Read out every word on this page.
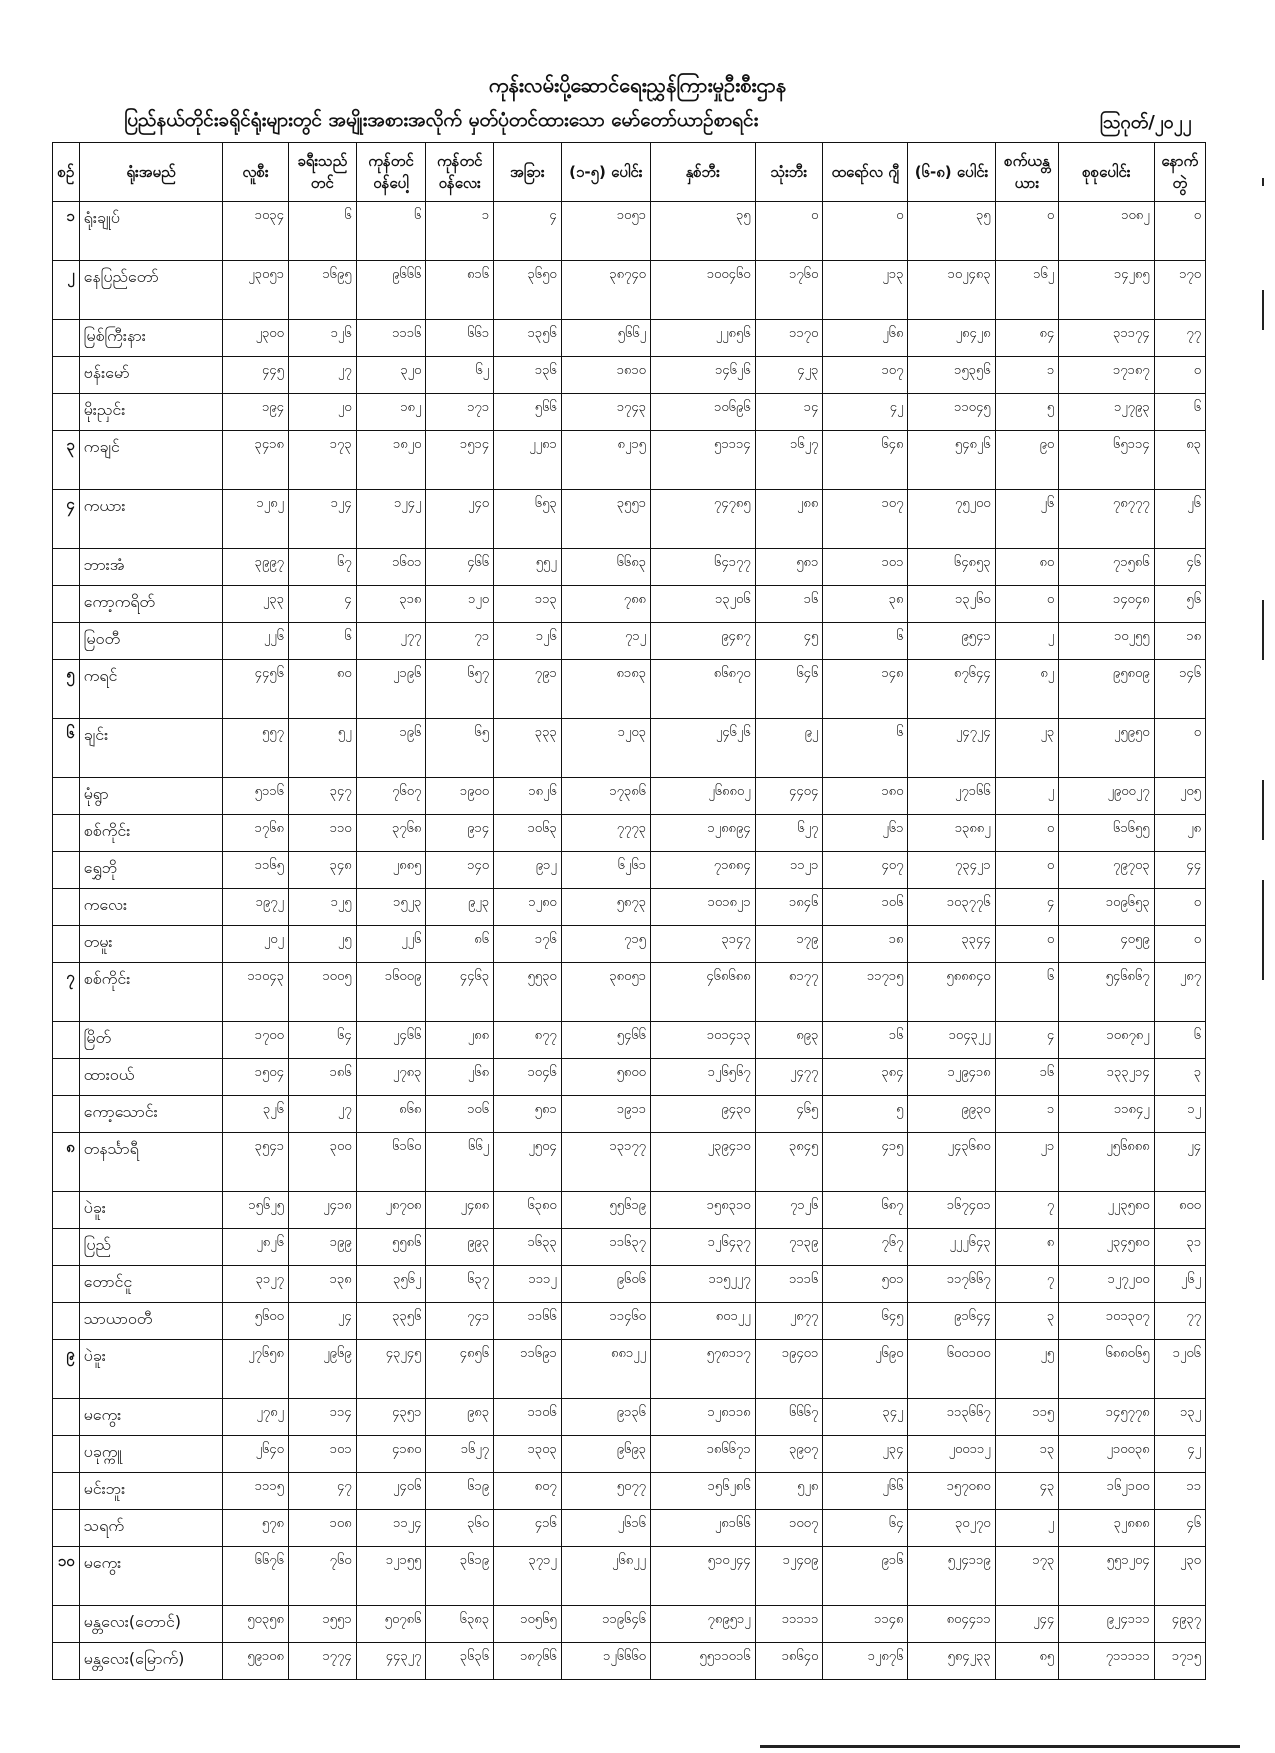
ကုန်းလမ်းပို့ဆောင်ရေးညွှန်ကြားမှုဦးစီးဌာန
ပြည်နယ်တိုင်းခရိုင်ရုံးများတွင် အမျိုးအစားအလိုက် မှတ်ပုံတင်ထားသော မော်တော်ယာဉ်စာရင်း	ဩဂုတ်/၂၀၂၂
စဉ်	ရုံးအမည်	လူစီး	ခရီးသည်တင်	ကုန်တင် ဝန်ပေါ့	ကုန်တင် ဝန်လေး	အခြား	(၁-၅) ပေါင်း	နှစ်ဘီး	သုံးဘီး	ထရော်လ ဂျီ	(၆-၈) ပေါင်း	စက်ယန္တယား	စုစုပေါင်း	နောက်တွဲ
၁	ရုံးချုပ်	၁၀၃၄	၆	၆	၁	၄	၁၀၅၁	၃၅	၀	၀	၃၅	၀	၁၀၈၂	၀
၂	နေပြည်တော်	၂၃၀၅၁	၁၆၉၅	၉၆၆၆	၈၁၆	၃၆၅၀	၃၈၇၄၀	၁၀၀၄၆၀	၁၇၆၀	၂၁၃	၁၀၂၄၈၃	၁၆၂	၁၄၂၈၅	၁၇၀
	မြစ်ကြီးနား	၂၃၀၀	၁၂၆	၁၁၁၆	၆၆၁	၁၃၅၆	၅၆၆၂	၂၂၈၅၆	၁၁၇၀	၂၆၈	၂၈၄၂၈	၈၄	၃၁၁၇၄	၇၇
	ဗန်းမော်	၄၄၅	၂၇	၃၂၀	၆၂	၁၃၆	၁၈၁၀	၁၄၆၂၆	၄၂၃	၁၀၇	၁၅၃၅၆	၁	၁၇၁၈၇	၀
	မိုးညှင်း	၁၉၄	၂၀	၁၈၂	၁၇၁	၅၆၆	၁၇၄၃	၁၀၆၉၆	၁၄	၄၂	၁၁၀၄၅	၅	၁၂၇၉၃	၆
၃	ကချင်	၃၄၁၈	၁၇၃	၁၈၂၀	၁၅၁၄	၂၂၈၁	၈၂၁၅	၅၁၁၁၄	၁၆၂၇	၆၄၈	၅၄၈၂၆	၉၀	၆၅၁၁၄	၈၃
၄	ကယား	၁၂၈၂	၁၂၄	၁၂၄၂	၂၄၀	၆၅၃	၃၅၅၁	၇၄၇၈၅	၂၈၈	၁၀၇	၇၅၂၀၀	၂၆	၇၈၇၇၇	၂၆
	ဘားအံ	၃၉၉၇	၆၇	၁၆၀၁	၄၆၆	၅၅၂	၆၆၈၃	၆၄၁၇၇	၅၈၁	၁၀၁	၆၄၈၅၃	၈၀	၇၁၅၈၆	၄၆
	ကော့ကရိတ်	၂၃၃	၄	၃၁၈	၁၂၀	၁၁၃	၇၈၈	၁၃၂၀၆	၁၆	၃၈	၁၃၂၆၀	၀	၁၄၀၄၈	၅၆
	မြဝတီ	၂၂၆	၆	၂၇၇	၇၁	၁၂၆	၇၁၂	၉၄၈၇	၄၅	၆	၉၅၄၁	၂	၁၀၂၅၅	၁၈
၅	ကရင်	၄၄၅၆	၈၀	၂၁၉၆	၆၅၇	၇၉၁	၈၁၈၃	၈၆၈၇၀	၆၄၆	၁၄၈	၈၇၆၄၄	၈၂	၉၅၈၀၉	၁၄၆
၆	ချင်း	၅၅၇	၅၂	၁၉၆	၆၅	၃၃၃	၁၂၀၃	၂၄၆၂၆	၉၂	၆	၂၄၇၂၄	၂၃	၂၅၉၅၀	၀
	မုံရွာ	၅၁၁၆	၃၄၇	၇၆၀၇	၁၉၀၀	၁၈၂၆	၁၇၃၈၆	၂၆၈၈၀၂	၄၄၀၄	၁၈၀	၂၇၁၆၆	၂	၂၉၀၀၂၇	၂၀၅
	စစ်ကိုင်း	၁၇၆၈	၁၁၀	၃၇၆၈	၉၁၄	၁၀၆၃	၇၇၇၃	၁၂၈၈၉၄	၆၂၇	၂၆၁	၁၃၈၈၂	၀	၆၁၆၅၅	၂၈
	ရွှေဘို	၁၁၆၅	၃၄၈	၂၈၈၅	၁၄၀	၉၁၂	၆၂၆၁	၇၁၈၈၄	၁၁၂၁	၄၀၇	၇၃၄၂၁	၀	၇၉၇၀၃	၄၄
	ကလေး	၁၉၇၂	၁၂၅	၁၅၂၃	၉၂၃	၁၂၈၀	၅၈၇၃	၁၀၁၈၂၁	၁၈၄၆	၁၀၆	၁၀၃၇၇၆	၄	၁၀၉၆၅၃	၀
	တမူး	၂၀၂	၂၅	၂၂၆	၈၆	၁၇၆	၇၁၅	၃၁၄၇	၁၇၉	၁၈	၃၃၄၄	၀	၄၀၅၉	၀
၇	စစ်ကိုင်း	၁၁၀၄၃	၁၀၀၅	၁၆၀၀၉	၄၄၆၃	၅၅၃၀	၃၈၀၅၁	၄၆၈၆၈၈	၈၁၇၇	၁၁၇၁၅	၅၈၈၈၄၀	၆	၅၄၆၈၆၇	၂၈၇
	မြိတ်	၁၇၀၀	၆၄	၂၄၆၆	၂၈၈	၈၇၇	၅၄၆၆	၁၀၁၄၁၃	၈၉၃	၁၆	၁၀၄၃၂၂	၄	၁၀၈၇၈၂	၆
	ထားဝယ်	၁၅၀၄	၁၈၆	၂၇၈၃	၂၆၈	၁၀၄၆	၅၈၀၀	၁၂၆၅၆၇	၂၄၇၇	၃၈၄	၁၂၉၄၁၈	၁၆	၁၃၃၂၁၄	၃
	ကော့သောင်း	၃၂၆	၂၇	၈၆၈	၁၀၆	၅၈၁	၁၉၁၁	၉၄၃၀	၄၆၅	၅	၉၉၃၀	၁	၁၁၈၄၂	၁၂
၈	တနင်္သာရီ	၃၅၄၁	၃၀၀	၆၁၆၀	၆၆၂	၂၅၀၄	၁၃၁၇၇	၂၃၉၄၁၀	၃၈၄၅	၄၁၅	၂၄၃၆၈၀	၂၁	၂၅၆၈၈၈	၂၄
	ပဲခူး	၁၅၆၂၅	၂၄၁၈	၂၈၇၀၈	၂၄၈၈	၆၃၈၀	၅၅၆၁၉	၁၅၈၃၁၀	၇၁၂၆	၆၈၇	၁၆၇၄၀၁	၇	၂၂၃၅၈၀	၈၀၀
	ပြည်	၂၈၂၆	၁၉၉	၅၅၈၆	၉၉၃	၁၆၃၃	၁၁၆၃၇	၁၂၆၄၃၇	၇၁၃၉	၇၆၇	၂၂၂၆၄၃	၈	၂၃၄၅၈၀	၃၁
	တောင်ငူ	၃၁၂၇	၁၃၈	၃၅၆၂	၆၃၇	၁၁၁၂	၉၆၀၆	၁၁၅၂၂၇	၁၁၁၆	၅၀၁	၁၁၇၆၆၇	၇	၁၂၇၂၀၀	၂၆၂
	သာယာဝတီ	၅၆၀၀	၂၄	၃၃၅၆	၇၄၁	၁၁၆၆	၁၁၄၆၀	၈၀၁၂၂	၂၈၇၇	၆၄၅	၉၁၆၄၄	၃	၁၀၁၃၀၇	၇၇
၉	ပဲခူး	၂၇၆၅၈	၂၉၆၉	၄၃၂၄၅	၄၈၅၆	၁၁၆၉၁	၈၈၁၂၂	၅၇၈၁၁၇	၁၉၄၀၁	၂၆၉၀	၆၀၀၁၀၀	၂၅	၆၈၈၀၆၅	၁၂၀၆
	မကွေး	၂၇၈၂	၁၁၄	၄၃၅၁	၉၈၃	၁၁၀၆	၉၁၃၆	၁၂၈၁၁၈	၆၆၆၇	၃၄၂	၁၁၃၆၆၇	၁၁၅	၁၄၅၇၇၈	၁၃၂
	ပခုက္ကူ	၂၆၄၀	၁၀၁	၄၁၈၀	၁၆၂၇	၁၃၀၃	၉၆၉၃	၁၈၆၆၇၁	၃၉၀၇	၂၃၄	၂၀၀၁၁၂	၁၃	၂၁၀၀၃၈	၄၂
	မင်းဘူး	၁၁၁၅	၄၇	၂၄၀၆	၆၁၉	၈၀၇	၅၀၇၇	၁၅၆၂၈၆	၅၂၈	၂၆၆	၁၅၇၀၈၀	၄၃	၁၆၂၁၀၀	၁၁
	သရက်	၅၇၈	၁၀၈	၁၁၂၄	၃၆၀	၄၁၆	၂၆၁၆	၂၈၁၆၆	၁၀၀၇	၆၄	၃၀၂၇၀	၂	၃၂၈၈၈	၄၆
၁၀	မကွေး	၆၆၇၆	၇၆၀	၁၂၁၅၅	၃၆၁၉	၃၇၁၂	၂၆၈၂၂	၅၁၀၂၄၄	၁၂၄၀၉	၉၁၆	၅၂၄၁၁၉	၁၇၃	၅၅၁၂၀၄	၂၃၀
	မန္တလေး(တောင်)	၅၀၃၅၈	၁၅၅၁	၅၀၇၈၆	၆၃၈၃	၁၀၅၆၅	၁၁၉၆၄၆	၇၈၉၅၁၂	၁၁၁၁၁	၁၁၄၈	၈၀၄၄၁၁	၂၄၄	၉၂၄၁၁၁	၄၉၃၇
	မန္တလေး(မြောက်)	၅၉၁၀၈	၁၇၇၄	၄၄၃၂၇	၃၆၃၆	၁၈၇၆၆	၁၂၆၆၆၀	၅၅၁၁၀၁၆	၁၈၆၄၀	၁၂၈၇၆	၅၈၄၂၃၃	၈၅	၇၁၁၁၁၁	၁၇၁၅
